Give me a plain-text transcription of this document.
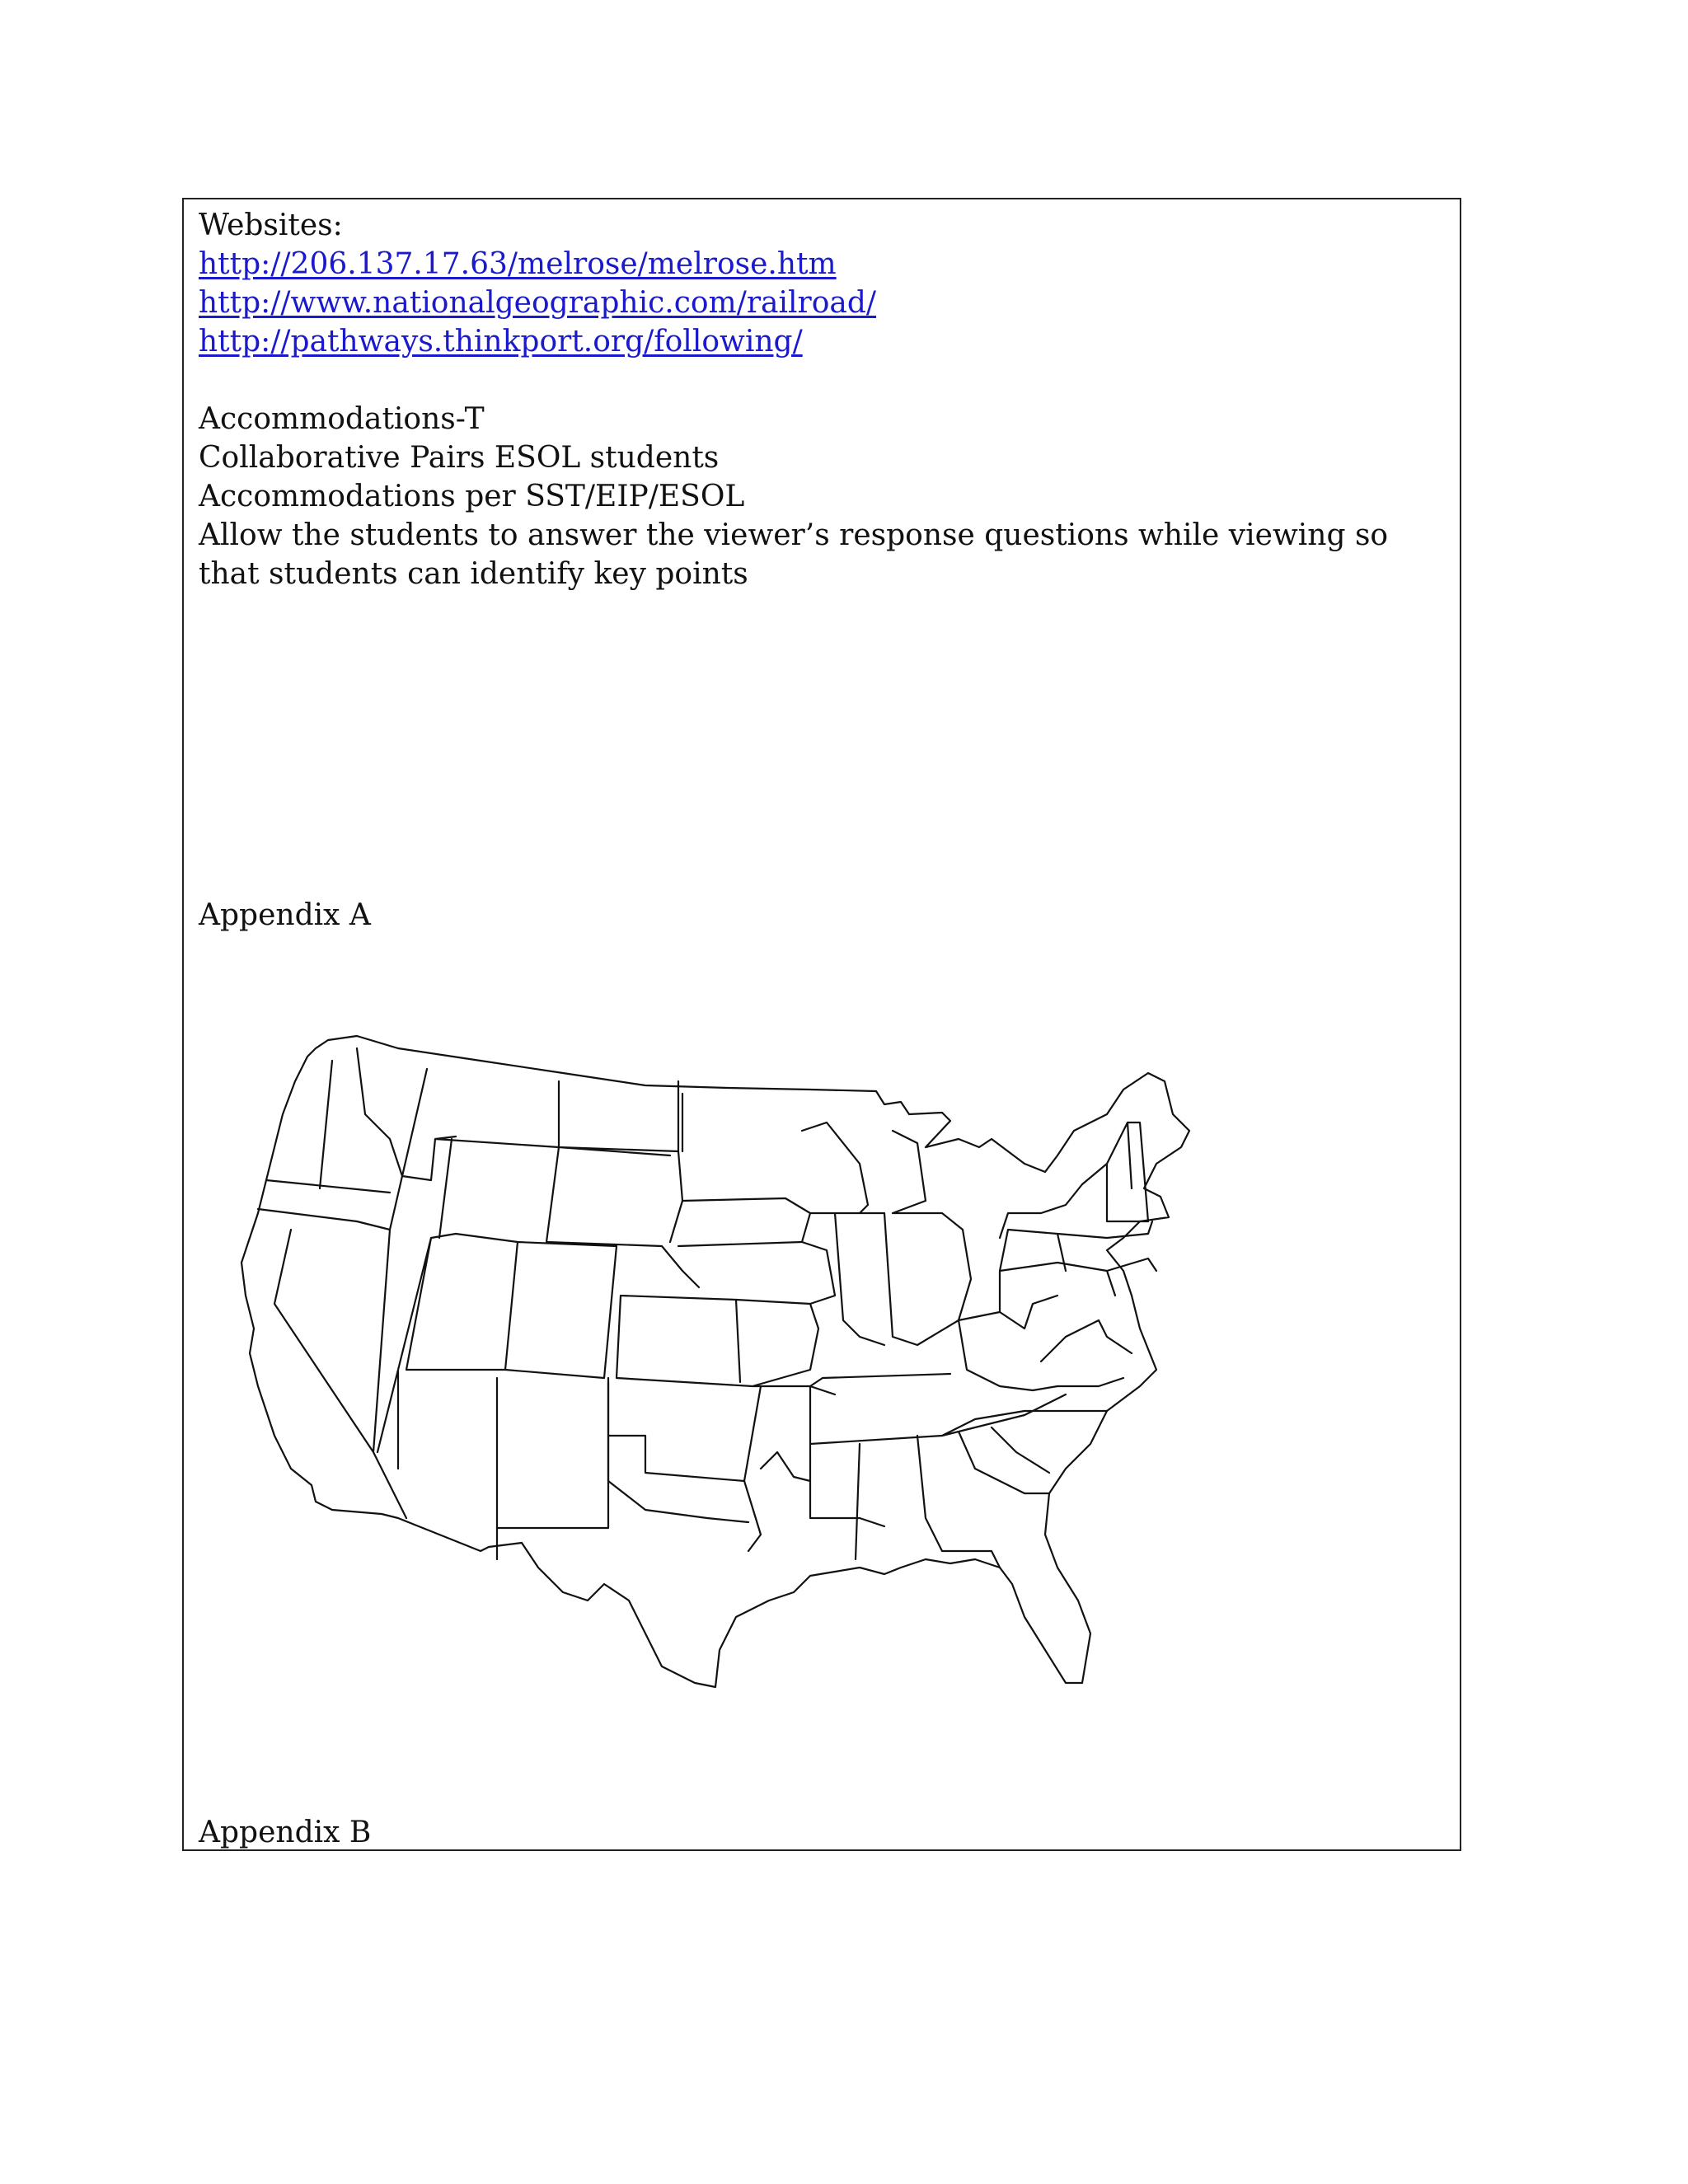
Websites:
http://206.137.17.63/melrose/melrose.htm
http://www.nationalgeographic.com/railroad/
http://pathways.thinkport.org/following/
Accommodations-T
Collaborative Pairs ESOL students
Accommodations per SST/EIP/ESOL
Allow the students to answer the viewer’s response questions while viewing so that students can identify key points
Appendix A
Appendix B
